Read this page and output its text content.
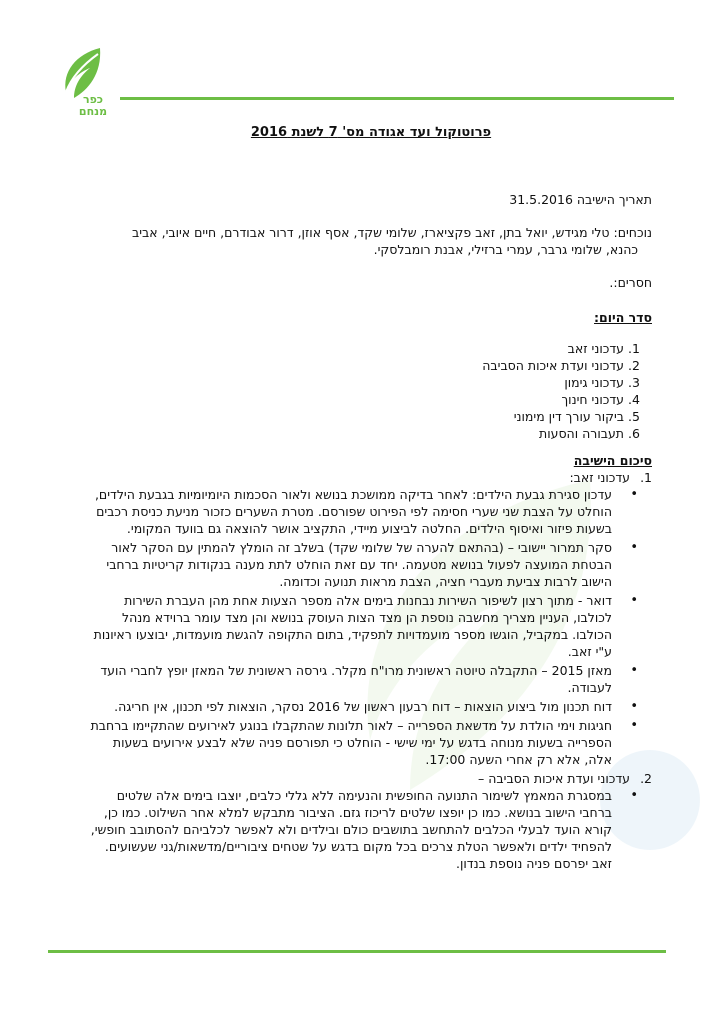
כפר
מנחם
פרוטוקול ועד אגודה מס' 7 לשנת 2016

תאריך הישיבה 31.5.2016

נוכחים: טלי מגידש, יואל בתן, זאב פקציארז, שלומי שקד, אסף אוזן, דרור אבודרם, חיים איובי, אביב

כהנא, שלומי גרבר, עמרי ברזילי, אבנת רומבלסקי.

חסרים:.

סדר היום:

1. עדכוני זאב
2. עדכוני ועדת איכות הסביבה
3. עדכוני גימון
4. עדכוני חינוך
5. ביקור עורך דין מימוני
6. תעבורה והסעות

סיכום הישיבה

1.
עדכוני זאב:
• עדכון סגירת גבעת הילדים: לאחר בדיקה ממושכת בנושא ולאור הסכמות היומיומיות בגבעת הילדים, הוחלט על הצבת שני שערי חסימה לפי הפירוט שפורסם. מטרת השערים כזכור מניעת כניסת רכבים בשעות פיזור ואיסוף הילדים. החלטה לביצוע מיידי, התקציב אושר להוצאה גם בוועד המקומי.
• סקר תמרור יישובי – (בהתאם להערה של שלומי שקד) בשלב זה הומלץ להמתין עם הסקר לאור הבטחת המועצה לפעול בנושא מטעמה. יחד עם זאת הוחלט לתת מענה בנקודות קריטיות ברחבי הישוב לרבות צביעת מעברי חציה, הצבת מראות תנועה וכדומה.
• דואר - מתוך רצון לשיפור השירות נבחנות בימים אלה מספר הצעות אחת מהן העברת השירות לכולבו, העניין מצריך מחשבה נוספת הן מצד הצות העוסק בנושא והן מצד עומר ברוידא מנהל הכולבו. במקביל, הוגשו מספר מועמדויות לתפקיד, בתום התקופה להגשת מועמדות, יבוצעו ראיונות ע"י זאב.
• מאזן 2015 – התקבלה טיוטה ראשונית מרו"ח מקלר. גירסה ראשונית של המאזן יופץ לחברי הועד לעבודה.
• דוח תכנון מול ביצוע הוצאות – דוח רבעון ראשון של 2016 נסקר, הוצאות לפי תכנון, אין חריגה.
• חגיגות וימי הולדת על מדשאת הספרייה – לאור תלונות שהתקבלו בנוגע לאירועים שהתקיימו ברחבת הספרייה בשעות מנוחה בדגש על ימי שישי - הוחלט כי תפורסם פניה שלא לבצע אירועים בשעות אלה, אלא רק אחרי השעה 17:00.
2.
עדכוני ועדת איכות הסביבה –
• במסגרת המאמץ לשימור התנועה החופשית והנעימה ללא גללי כלבים, יוצבו בימים אלה שלטים ברחבי הישוב בנושא. כמו כן יופצו שלטים לריכוז גזם. הציבור מתבקש למלא אחר השילוט. כמו כן, קורא הועד לבעלי הכלבים להתחשב בתושבים כולם ובילדים ולא לאפשר לכלביהם להסתובב חופשי, להפחיד ילדים ולאפשר הטלת צרכים בכל מקום בדגש על שטחים ציבוריים/מדשאות/גני שעשועים. זאב יפרסם פניה נוספת בנדון.
